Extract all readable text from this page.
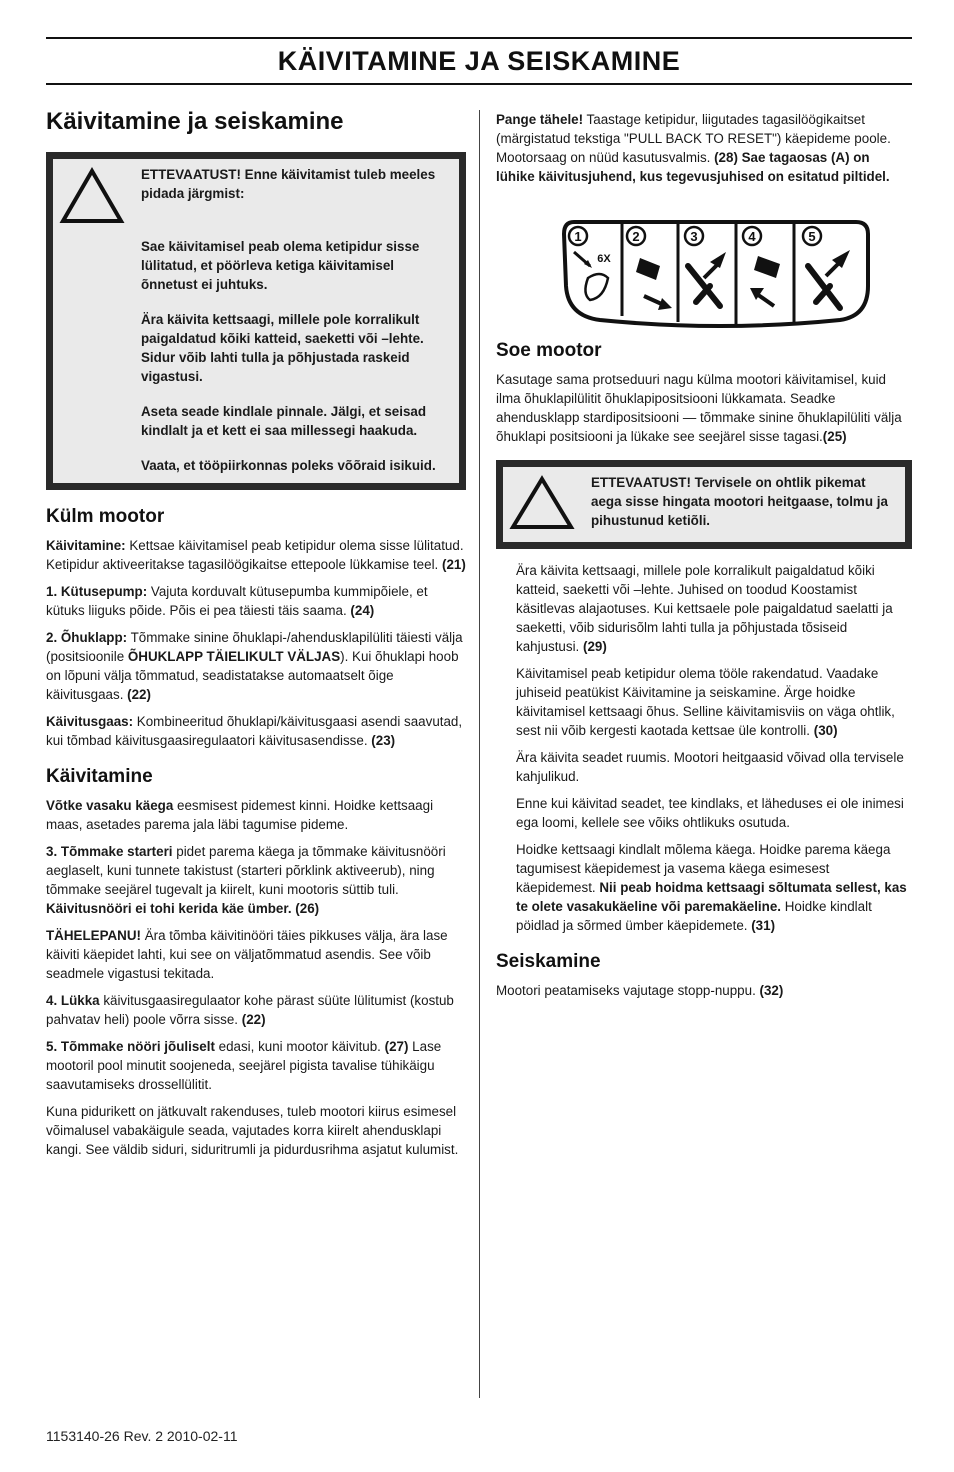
KÄIVITAMINE JA SEISKAMINE
Käivitamine ja seiskamine

ETTEVAATUST! Enne käivitamist tuleb meeles pidada järgmist:

Sae käivitamisel peab olema ketipidur sisse lülitatud, et pöörleva ketiga käivitamisel õnnetust ei juhtuks.

Ära käivita kettsaagi, millele pole korralikult paigaldatud kõiki katteid, saeketti või –lehte. Sidur võib lahti tulla ja põhjustada raskeid vigastusi.

Aseta seade kindlale pinnale. Jälgi, et seisad kindlalt ja et kett ei saa millessegi haakuda.

Vaata, et tööpiirkonnas poleks võõraid isikuid.

Külm mootor

Käivitamine: Kettsae käivitamisel peab ketipidur olema sisse lülitatud. Ketipidur aktiveeritakse tagasilöögikaitse ettepoole lükkamise teel. (21)

1. Kütusepump: Vajuta korduvalt kütusepumba kummipõiele, et kütuks liiguks põide. Põis ei pea täiesti täis saama. (24)

2. Õhuklapp: Tõmmake sinine õhuklapi-/ahendusklapilüliti täiesti välja (positsioonile ÕHUKLAPP TÄIELIKULT VÄLJAS). Kui õhuklapi hoob on lõpuni välja tõmmatud, seadistatakse automaatselt õige käivitusgaas. (22)

Käivitusgaas: Kombineeritud õhuklapi/käivitusgaasi asendi saavutad, kui tõmbad käivitusgaasiregulaatori käivitusasendisse. (23)

Käivitamine

Võtke vasaku käega eesmisest pidemest kinni. Hoidke kettsaagi maas, asetades parema jala läbi tagumise pideme.

3. Tõmmake starteri pidet parema käega ja tõmmake käivitusnööri aeglaselt, kuni tunnete takistust (starteri põrklink aktiveerub), ning tõmmake seejärel tugevalt ja kiirelt, kuni mootoris süttib tuli. Käivitusnööri ei tohi kerida käe ümber. (26)

TÄHELEPANU! Ära tõmba käivitinööri täies pikkuses välja, ära lase käiviti käepidet lahti, kui see on väljatõmmatud asendis. See võib seadmele vigastusi tekitada.

4. Lükka käivitusgaasiregulaator kohe pärast süüte lülitumist (kostub pahvatav heli) poole võrra sisse. (22)

5. Tõmmake nööri jõuliselt edasi, kuni mootor käivitub. (27) Lase mootoril pool minutit soojeneda, seejärel pigista tavalise tühikäigu saavutamiseks drossellülitit.

Kuna pidurikett on jätkuvalt rakenduses, tuleb mootori kiirus esimesel võimalusel vabakäigule seada, vajutades korra kiirelt ahendusklapi kangi. See väldib siduri, siduritrumli ja pidurdusrihma asjatut kulumist.

Pange tähele! Taastage ketipidur, liigutades tagasilöögikaitset (märgistatud tekstiga "PULL BACK TO RESET") käepideme poole. Mootorsaag on nüüd kasutusvalmis. (28) Sae tagaosas (A) on lühike käivitusjuhend, kus tegevusjuhised on esitatud piltidel.

1
6X
2	3	4	5
Soe mootor

Kasutage sama protseduuri nagu külma mootori käivitamisel, kuid ilma õhuklapilülitit õhuklapipositsiooni lükkamata. Seadke ahendusklapp stardipositsiooni — tõmmake sinine õhuklapilüliti välja õhuklapi positsiooni ja lükake see seejärel sisse tagasi.(25)

ETTEVAATUST! Tervisele on ohtlik pikemat aega sisse hingata mootori heitgaase, tolmu ja pihustunud ketiõli.

Ära käivita kettsaagi, millele pole korralikult paigaldatud kõiki katteid, saeketti või –lehte. Juhised on toodud Koostamist käsitlevas alajaotuses. Kui kettsaele pole paigaldatud saelatti ja saeketti, võib sidurisõlm lahti tulla ja põhjustada tõsiseid kahjustusi. (29)

Käivitamisel peab ketipidur olema tööle rakendatud. Vaadake juhiseid peatükist Käivitamine ja seiskamine. Ärge hoidke käivitamisel kettsaagi õhus. Selline käivitamisviis on väga ohtlik, sest nii võib kergesti kaotada kettsae üle kontrolli. (30)

Ära käivita seadet ruumis. Mootori heitgaasid võivad olla tervisele kahjulikud.

Enne kui käivitad seadet, tee kindlaks, et läheduses ei ole inimesi ega loomi, kellele see võiks ohtlikuks osutuda.

Hoidke kettsaagi kindlalt mõlema käega. Hoidke parema käega tagumisest käepidemest ja vasema käega esimesest käepidemest. Nii peab hoidma kettsaagi sõltumata sellest, kas te olete vasakukäeline või paremakäeline. Hoidke kindlalt pöidlad ja sõrmed ümber käepidemete. (31)

Seiskamine

Mootori peatamiseks vajutage stopp-nuppu. (32)

1153140-26 Rev. 2 2010-02-11
